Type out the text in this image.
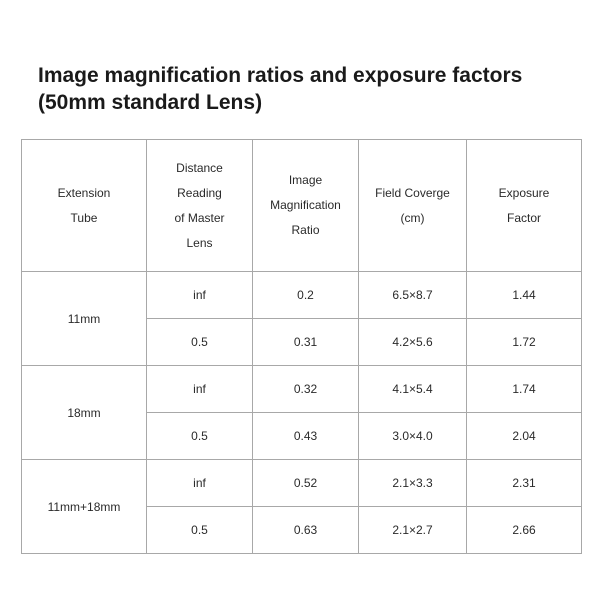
Image magnification ratios and exposure factors
(50mm standard Lens)
Extension
Tube	Distance
Reading
of Master
Lens	Image
Magnification
Ratio	Field Coverge
(cm)	Exposure
Factor

11mm	inf	0.2	6.5×8.7	1.44
	0.5	0.31	4.2×5.6	1.72
18mm	inf	0.32	4.1×5.4	1.74
	0.5	0.43	3.0×4.0	2.04
11mm+18mm	inf	0.52	2.1×3.3	2.31
	0.5	0.63	2.1×2.7	2.66
